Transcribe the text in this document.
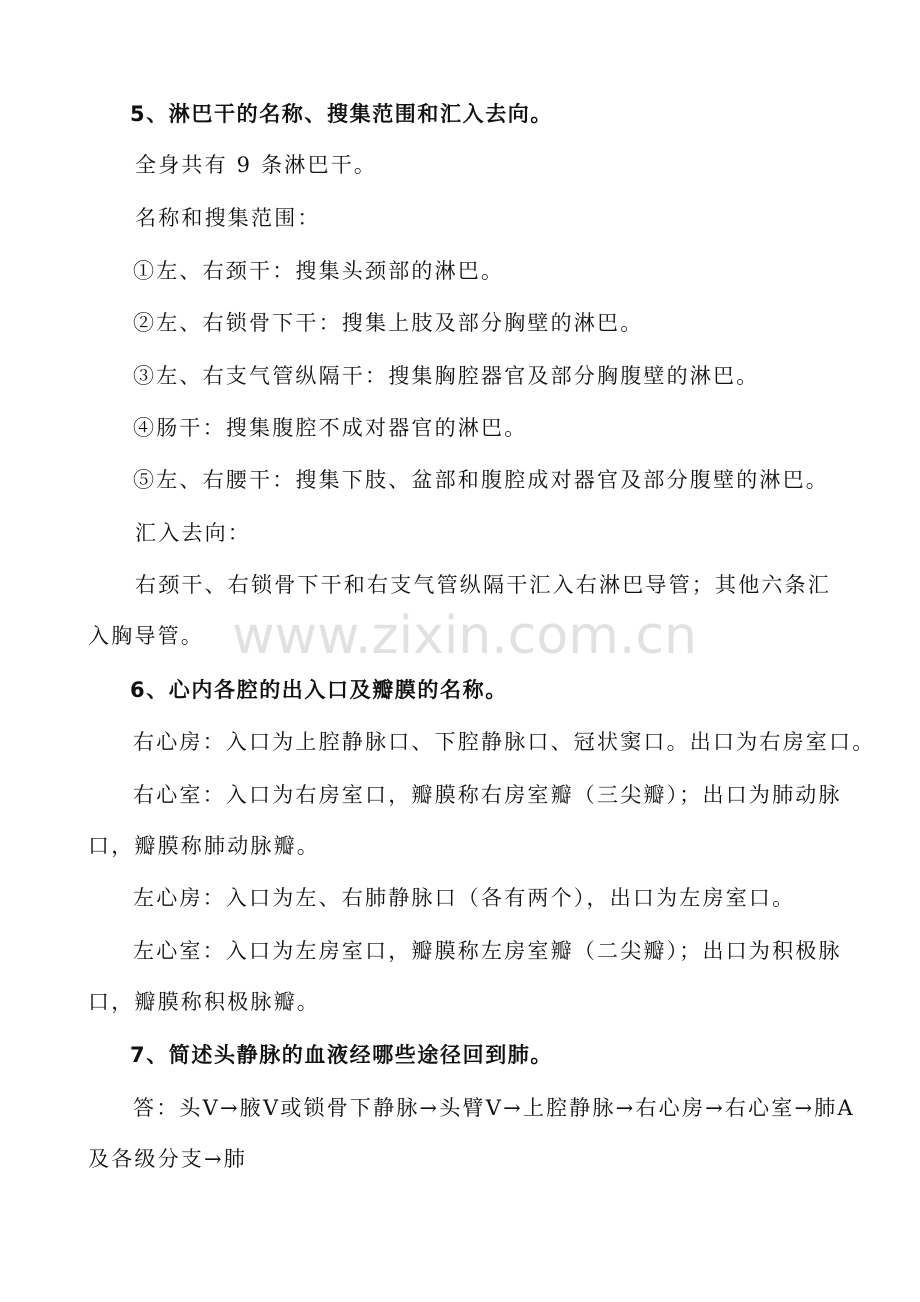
5、淋巴干的名称、搜集范围和汇入去向。
全身共有 9 条淋巴干。
名称和搜集范围：
①左、右颈干：搜集头颈部的淋巴。
②左、右锁骨下干：搜集上肢及部分胸壁的淋巴。
③左、右支气管纵隔干：搜集胸腔器官及部分胸腹壁的淋巴。
④肠干：搜集腹腔不成对器官的淋巴。
⑤左、右腰干：搜集下肢、盆部和腹腔成对器官及部分腹壁的淋巴。
汇入去向：
右颈干、右锁骨下干和右支气管纵隔干汇入右淋巴导管；其他六条汇
入胸导管。 www.zixin.com.cn
6、心内各腔的出入口及瓣膜的名称。
右心房：入口为上腔静脉口、下腔静脉口、冠状窦口。出口为右房室口。
右心室：入口为右房室口，瓣膜称右房室瓣（三尖瓣）；出口为肺动脉
口，瓣膜称肺动脉瓣。
左心房：入口为左、右肺静脉口（各有两个），出口为左房室口。
左心室：入口为左房室口，瓣膜称左房室瓣（二尖瓣）；出口为积极脉
口，瓣膜称积极脉瓣。
7、简述头静脉的血液经哪些途径回到肺。
答：头V→腋V或锁骨下静脉→头臂V→上腔静脉→右心房→右心室→肺A
及各级分支→肺
